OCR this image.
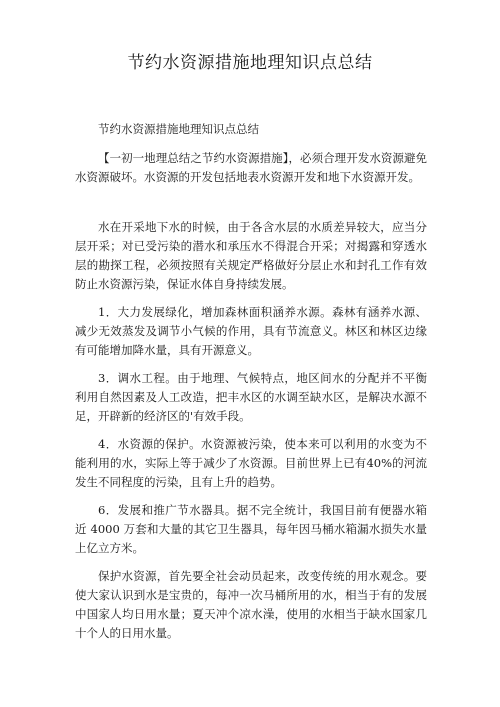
节约水资源措施地理知识点总结

节约水资源措施地理知识点总结

【一初一地理总结之节约水资源措施】，必须合理开发水资源避免水资源破坏。水资源的开发包括地表水资源开发和地下水资源开发。

水在开采地下水的时候，由于各含水层的水质差异较大，应当分层开采；对已受污染的潜水和承压水不得混合开采；对揭露和穿透水层的勘探工程，必须按照有关规定严格做好分层止水和封孔工作有效防止水资源污染，保证水体自身持续发展。

1．大力发展绿化，增加森林面积涵养水源。森林有涵养水源、减少无效蒸发及调节小气候的作用，具有节流意义。林区和林区边缘有可能增加降水量，具有开源意义。

3．调水工程。由于地理、气候特点，地区间水的分配并不平衡利用自然因素及人工改造，把丰水区的水调至缺水区，是解决水源不足，开辟新的经济区的'有效手段。

4．水资源的保护。水资源被污染，使本来可以利用的水变为不能利用的水，实际上等于减少了水资源。目前世界上已有40%的河流发生不同程度的污染，且有上升的趋势。

6．发展和推广节水器具。据不完全统计，我国目前有便器水箱近 4000 万套和大量的其它卫生器具，每年因马桶水箱漏水损失水量 上亿立方米。

保护水资源，首先要全社会动员起来，改变传统的用水观念。要使大家认识到水是宝贵的，每冲一次马桶所用的水，相当于有的发展中国家人均日用水量；夏天冲个凉水澡，使用的水相当于缺水国家几十个人的日用水量。
